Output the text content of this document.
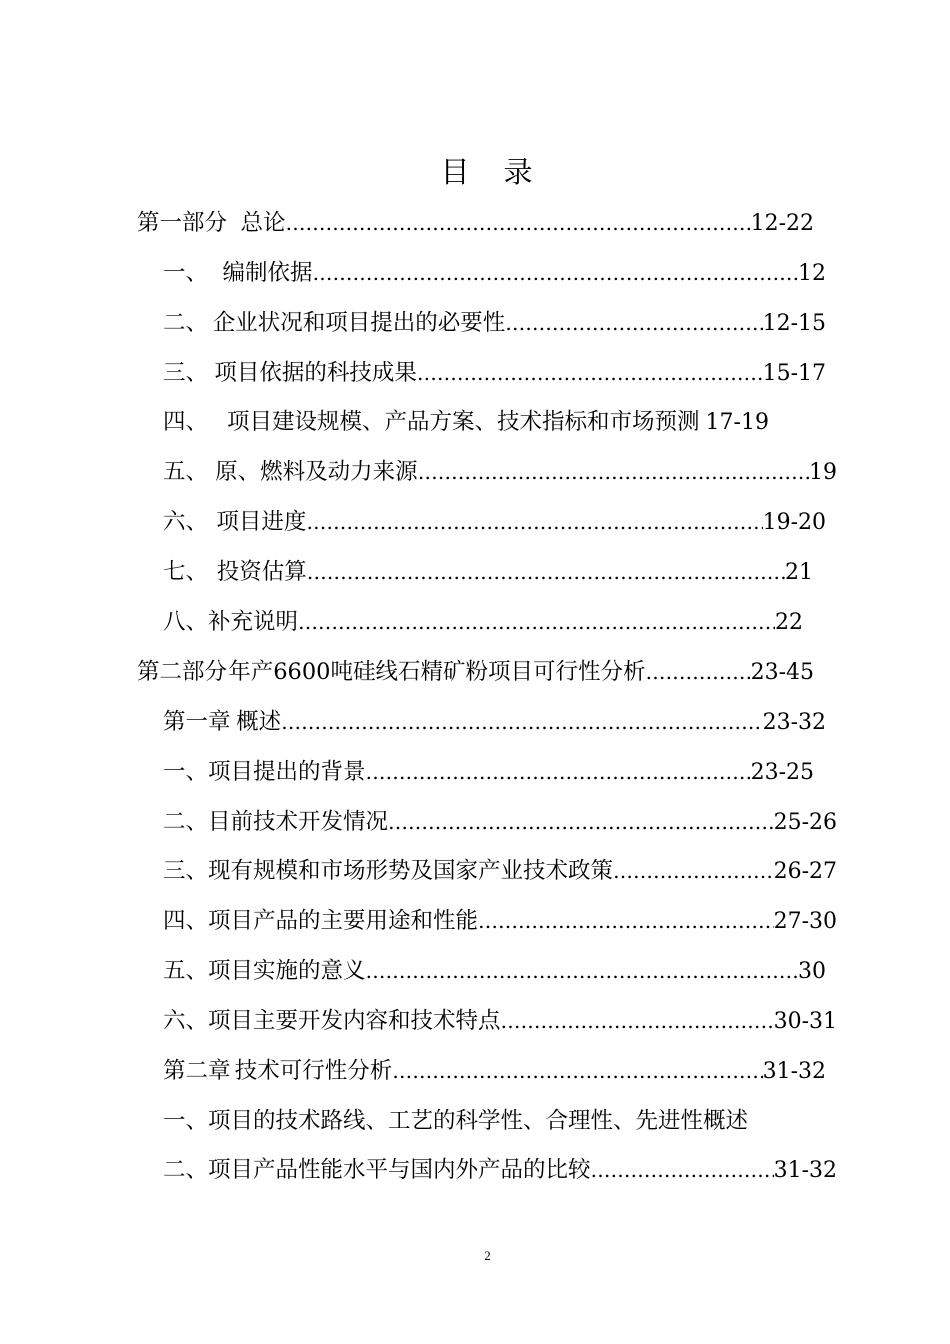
目 录
第一部分 总论 …………………………………………………………………………………………………………………………………………	12-22
一、 编制依据 …………………………………………………………………………………………………………………………………………	12
二、 企业状况和项目提出的必要性 …………………………………………………………………………………………………………………………………………	12-15
三、 项目依据的科技成果 …………………………………………………………………………………………………………………………………………	15-17
四、 项目建设规模、产品方案、技术指标和市场预测 17-19
五、 原、燃料及动力来源 …………………………………………………………………………………………………………………………………………	19
六、 项目进度 …………………………………………………………………………………………………………………………………………	19-20
七、 投资估算 …………………………………………………………………………………………………………………………………………	21
八、 补充说明 …………………………………………………………………………………………………………………………………………	22
第二部分 年产6600吨硅线石精矿粉项目可行性分析 …………………………………………………………………………………………………………………………………………	23-45
第一章 概述 …………………………………………………………………………………………………………………………………………	23-32
一、 项目提出的背景 …………………………………………………………………………………………………………………………………………	23-25
二、 目前技术开发情况 …………………………………………………………………………………………………………………………………………	25-26
三、 现有规模和市场形势及国家产业技术政策 …………………………………………………………………………………………………………………………………………	26-27
四、 项目产品的主要用途和性能 …………………………………………………………………………………………………………………………………………	27-30
五、 项目实施的意义 …………………………………………………………………………………………………………………………………………	30
六、 项目主要开发内容和技术特点 …………………………………………………………………………………………………………………………………………	30-31
第二章 技术可行性分析 …………………………………………………………………………………………………………………………………………	31-32
一、 项目的技术路线、工艺的科学性、合理性、先进性概述
二、 项目产品性能水平与国内外产品的比较 …………………………………………………………………………………………………………………………………………	31-32
2
